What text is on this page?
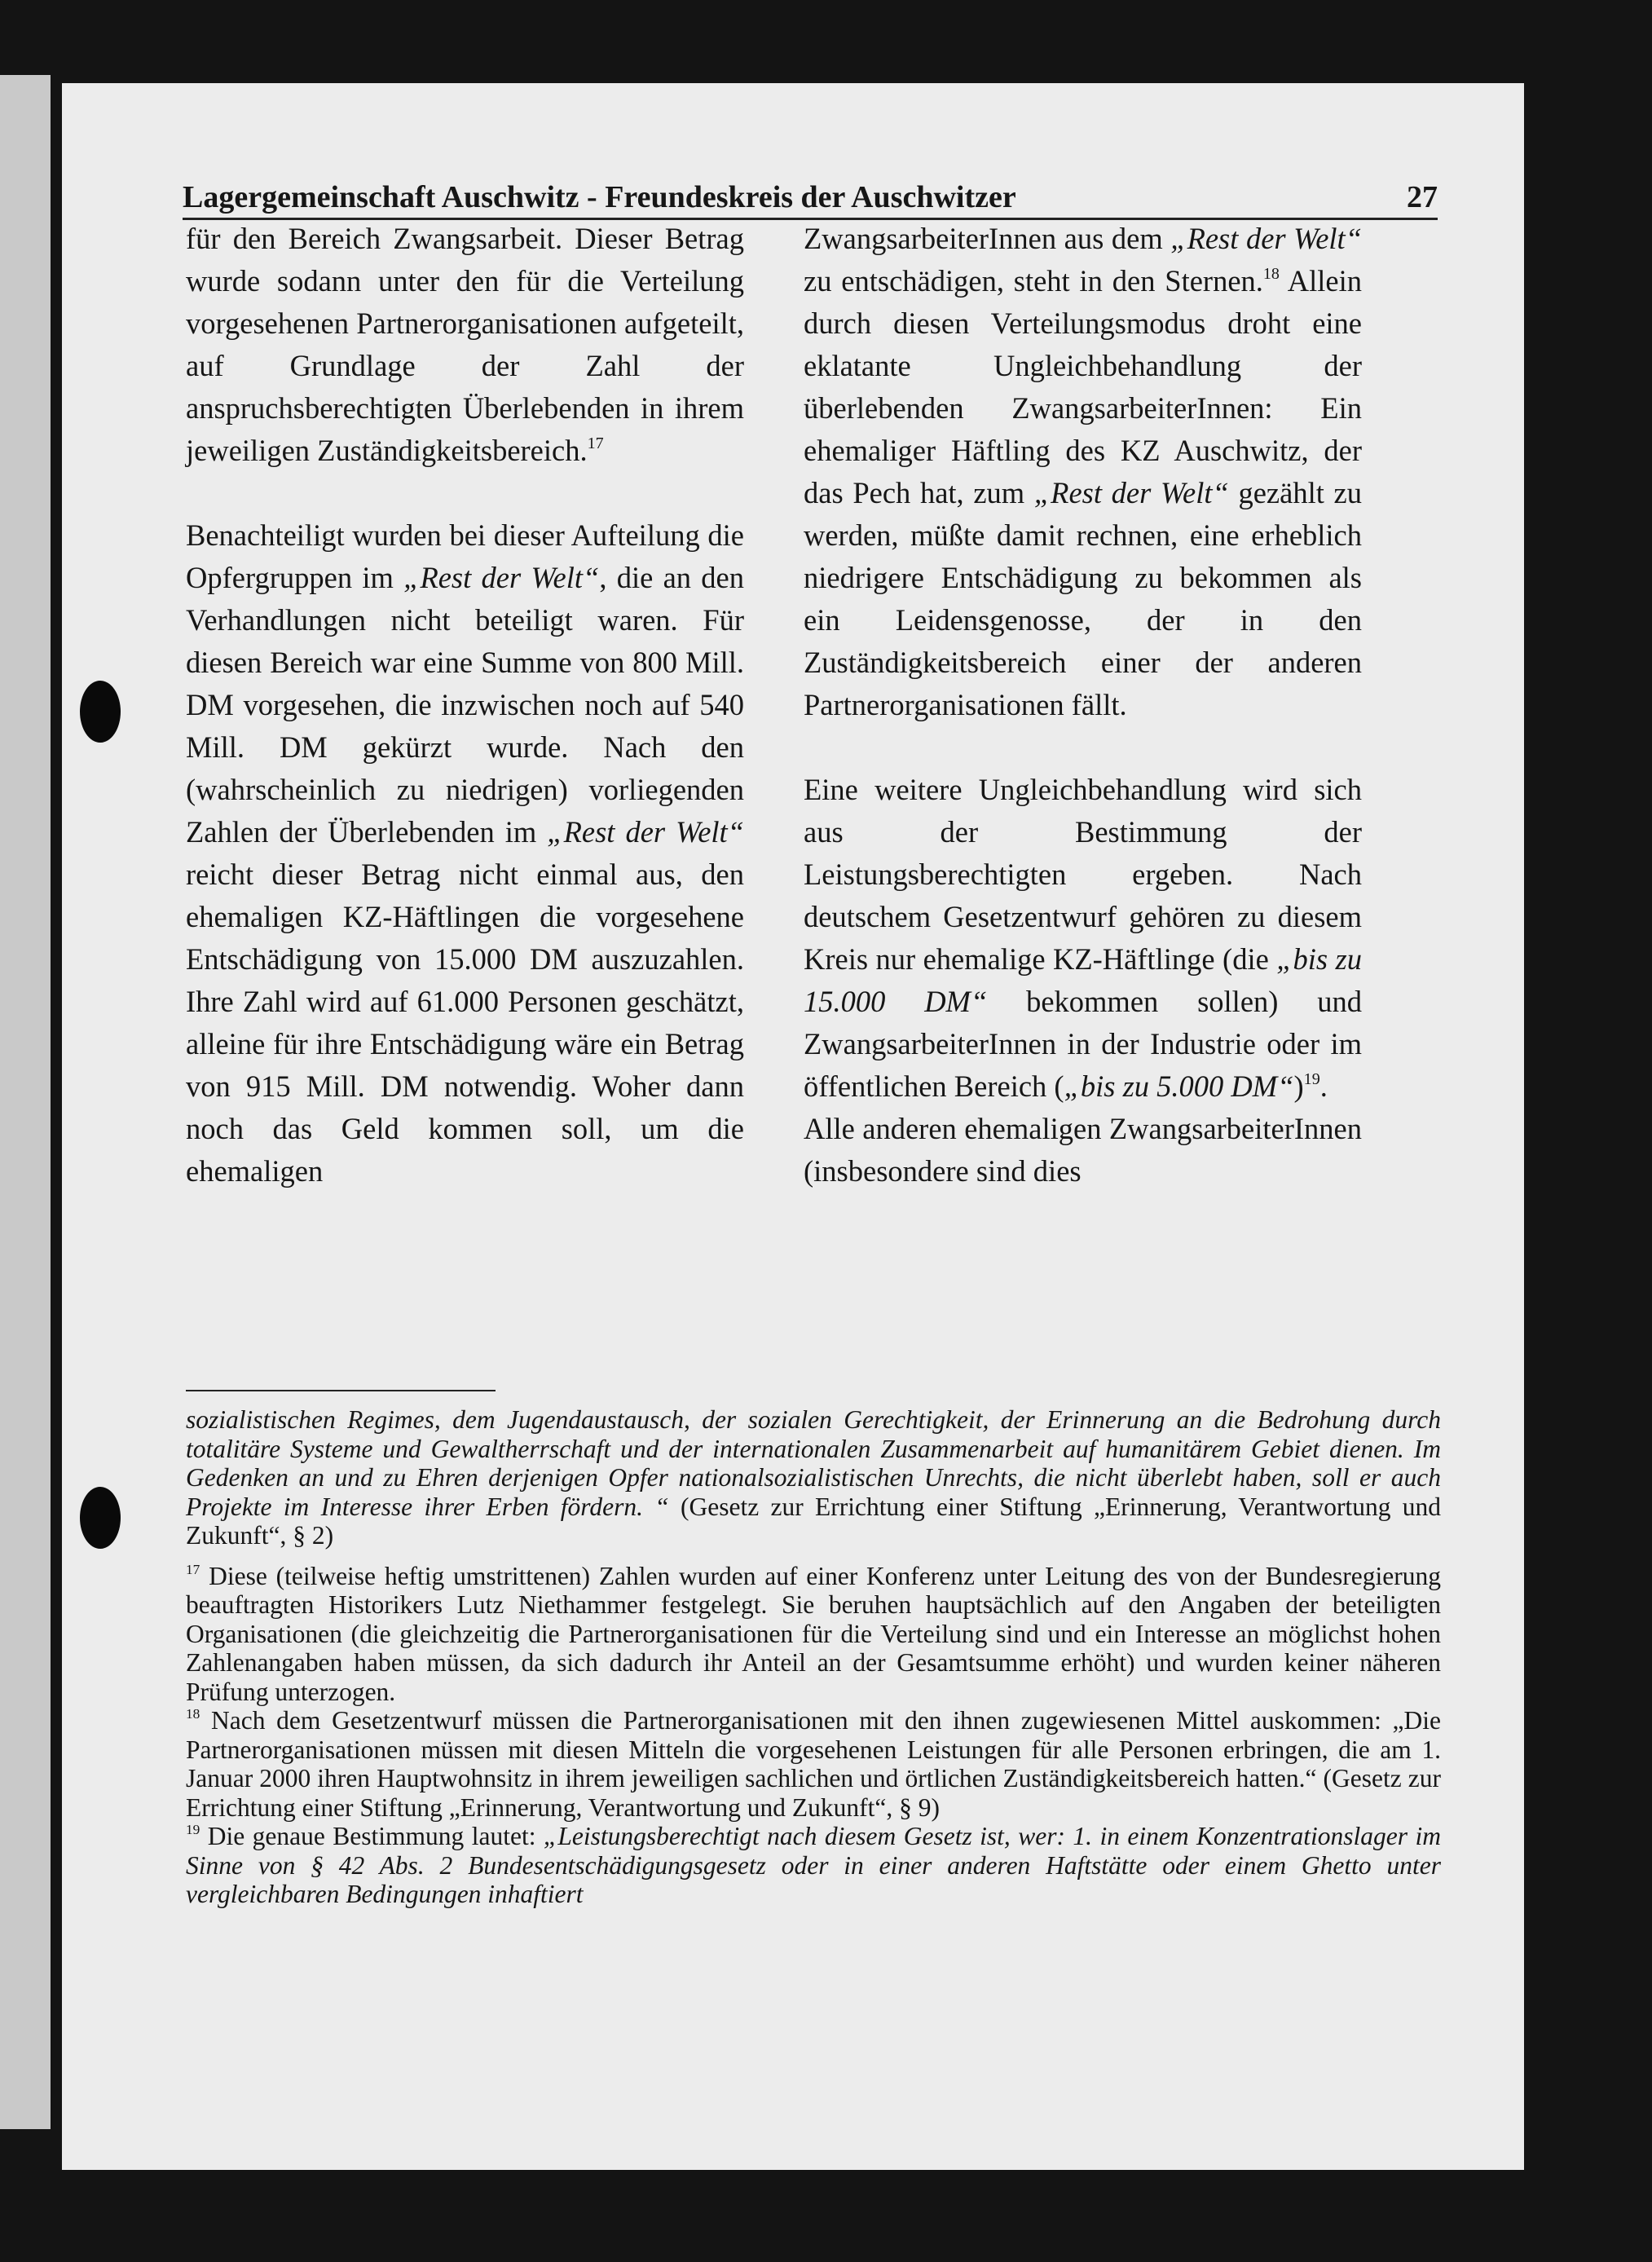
Lagergemeinschaft Auschwitz - Freundeskreis der Auschwitzer	27

für den Bereich Zwangsarbeit. Dieser Betrag wurde sodann unter den für die Verteilung vorgesehenen Partnerorganisationen aufgeteilt, auf Grundlage der Zahl der anspruchsberechtigten Überlebenden in ihrem jeweiligen Zuständigkeitsbereich.$^{17}$

Benachteiligt wurden bei dieser Aufteilung die Opfergruppen im „Rest der Welt“, die an den Verhandlungen nicht beteiligt waren. Für diesen Bereich war eine Summe von 800 Mill. DM vorgesehen, die inzwischen noch auf 540 Mill. DM gekürzt wurde. Nach den (wahrscheinlich zu niedrigen) vorliegenden Zahlen der Überlebenden im „Rest der Welt“ reicht dieser Betrag nicht einmal aus, den ehemaligen KZ-Häftlingen die vorgesehene Entschädigung von 15.000 DM auszuzahlen. Ihre Zahl wird auf 61.000 Personen geschätzt, alleine für ihre Entschädigung wäre ein Betrag von 915 Mill. DM notwendig. Woher dann noch das Geld kommen soll, um die ehemaligen

ZwangsarbeiterInnen aus dem „Rest der Welt“ zu entschädigen, steht in den Sternen.$^{18}$ Allein durch diesen Verteilungsmodus droht eine eklatante Ungleichbehandlung der überlebenden ZwangsarbeiterInnen: Ein ehemaliger Häftling des KZ Auschwitz, der das Pech hat, zum „Rest der Welt“ gezählt zu werden, müßte damit rechnen, eine erheblich niedrigere Entschädigung zu bekommen als ein Leidensgenosse, der in den Zuständigkeitsbereich einer der anderen Partnerorganisationen fällt.

Eine weitere Ungleichbehandlung wird sich aus der Bestimmung der Leistungsberechtigten ergeben. Nach deutschem Gesetzentwurf gehören zu diesem Kreis nur ehemalige KZ-Häftlinge (die „bis zu 15.000 DM“ bekommen sollen) und ZwangsarbeiterInnen in der Industrie oder im öffentlichen Bereich („bis zu 5.000 DM“)$^{19}$.

Alle anderen ehemaligen ZwangsarbeiterInnen (insbesondere sind dies

sozialistischen Regimes, dem Jugendaustausch, der sozialen Gerechtigkeit, der Erinnerung an die Bedrohung durch totalitäre Systeme und Gewaltherrschaft und der internationalen Zusammenarbeit auf humanitärem Gebiet dienen. Im Gedenken an und zu Ehren derjenigen Opfer nationalsozialistischen Unrechts, die nicht überlebt haben, soll er auch Projekte im Interesse ihrer Erben fördern. “ (Gesetz zur Errichtung einer Stiftung „Erinnerung, Verantwortung und Zukunft“, § 2)

$^{17}$ Diese (teilweise heftig umstrittenen) Zahlen wurden auf einer Konferenz unter Leitung des von der Bundesregierung beauftragten Historikers Lutz Niethammer festgelegt. Sie beruhen hauptsächlich auf den Angaben der beteiligten Organisationen (die gleichzeitig die Partnerorganisationen für die Verteilung sind und ein Interesse an möglichst hohen Zahlenangaben haben müssen, da sich dadurch ihr Anteil an der Gesamtsumme erhöht) und wurden keiner näheren Prüfung unterzogen.

$^{18}$ Nach dem Gesetzentwurf müssen die Partnerorganisationen mit den ihnen zugewiesenen Mittel auskommen: „Die Partnerorganisationen müssen mit diesen Mitteln die vorgesehenen Leistungen für alle Personen erbringen, die am 1. Januar 2000 ihren Hauptwohnsitz in ihrem jeweiligen sachlichen und örtlichen Zuständigkeitsbereich hatten.“ (Gesetz zur Errichtung einer Stiftung „Erinnerung, Verantwortung und Zukunft“, § 9)

$^{19}$ Die genaue Bestimmung lautet: „Leistungsberechtigt nach diesem Gesetz ist, wer: 1. in einem Konzentrationslager im Sinne von § 42 Abs. 2 Bundesentschädigungsgesetz oder in einer anderen Haftstätte oder einem Ghetto unter vergleichbaren Bedingungen inhaftiert
